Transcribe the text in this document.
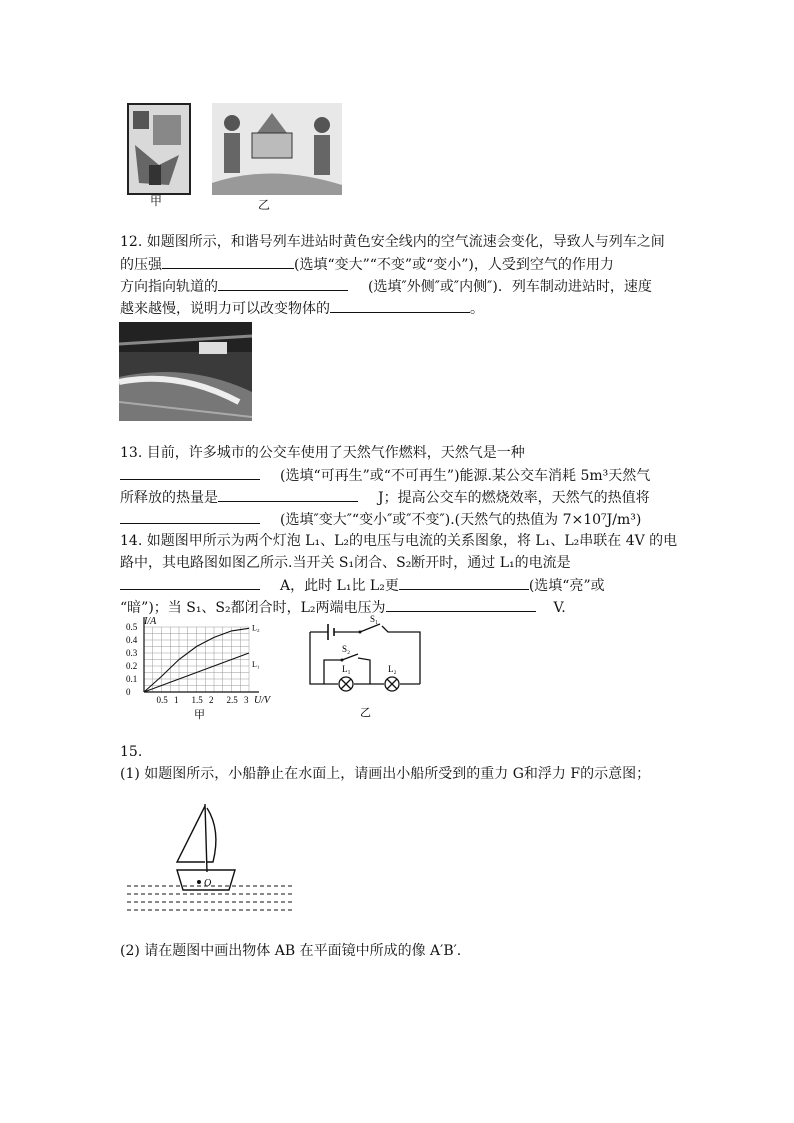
甲	乙
12. 如题图所示，和谐号列车进站时黄色安全线内的空气流速会变化，导致人与列车之间
的压强	(选填“变大”“不变”或“变小”)，人受到空气的作用力
方向指向轨道的	(选填″外侧″或″内侧″)．列车制动进站时，速度
越来越慢，说明力可以改变物体的	。
13. 目前，许多城市的公交车使用了天然气作燃料，天然气是一种
(选填“可再生”或“不可再生”)能源.某公交车消耗 5m³天然气
所释放的热量是	J；提高公交车的燃烧效率，天然气的热值将
(选填″变大″“变小″或″不变″).(天然气的热值为 7×10⁷J/m³)
14. 如题图甲所示为两个灯泡 L₁、L₂的电压与电流的关系图象，将 L₁、L₂串联在 4V 的电
路中，其电路图如图乙所示.当开关 S₁闭合、S₂断开时，通过 L₁的电流是
A，此时 L₁比 L₂更	(选填“亮”或
“暗”)；当 S₁、S₂都闭合时，L₂两端电压为	V.
I/A
U/V
甲
0.5 1 1.5 2 2.5 3
0.5
0.4
0.3
0.2
0.1
0
L₂
L₁
S₁
S₂
L₁	L₂
乙
15.
(1) 如题图所示，小船静止在水面上，请画出小船所受到的重力 G和浮力 F的示意图；
O
(2) 请在题图中画出物体 AB 在平面镜中所成的像 A′B′.
